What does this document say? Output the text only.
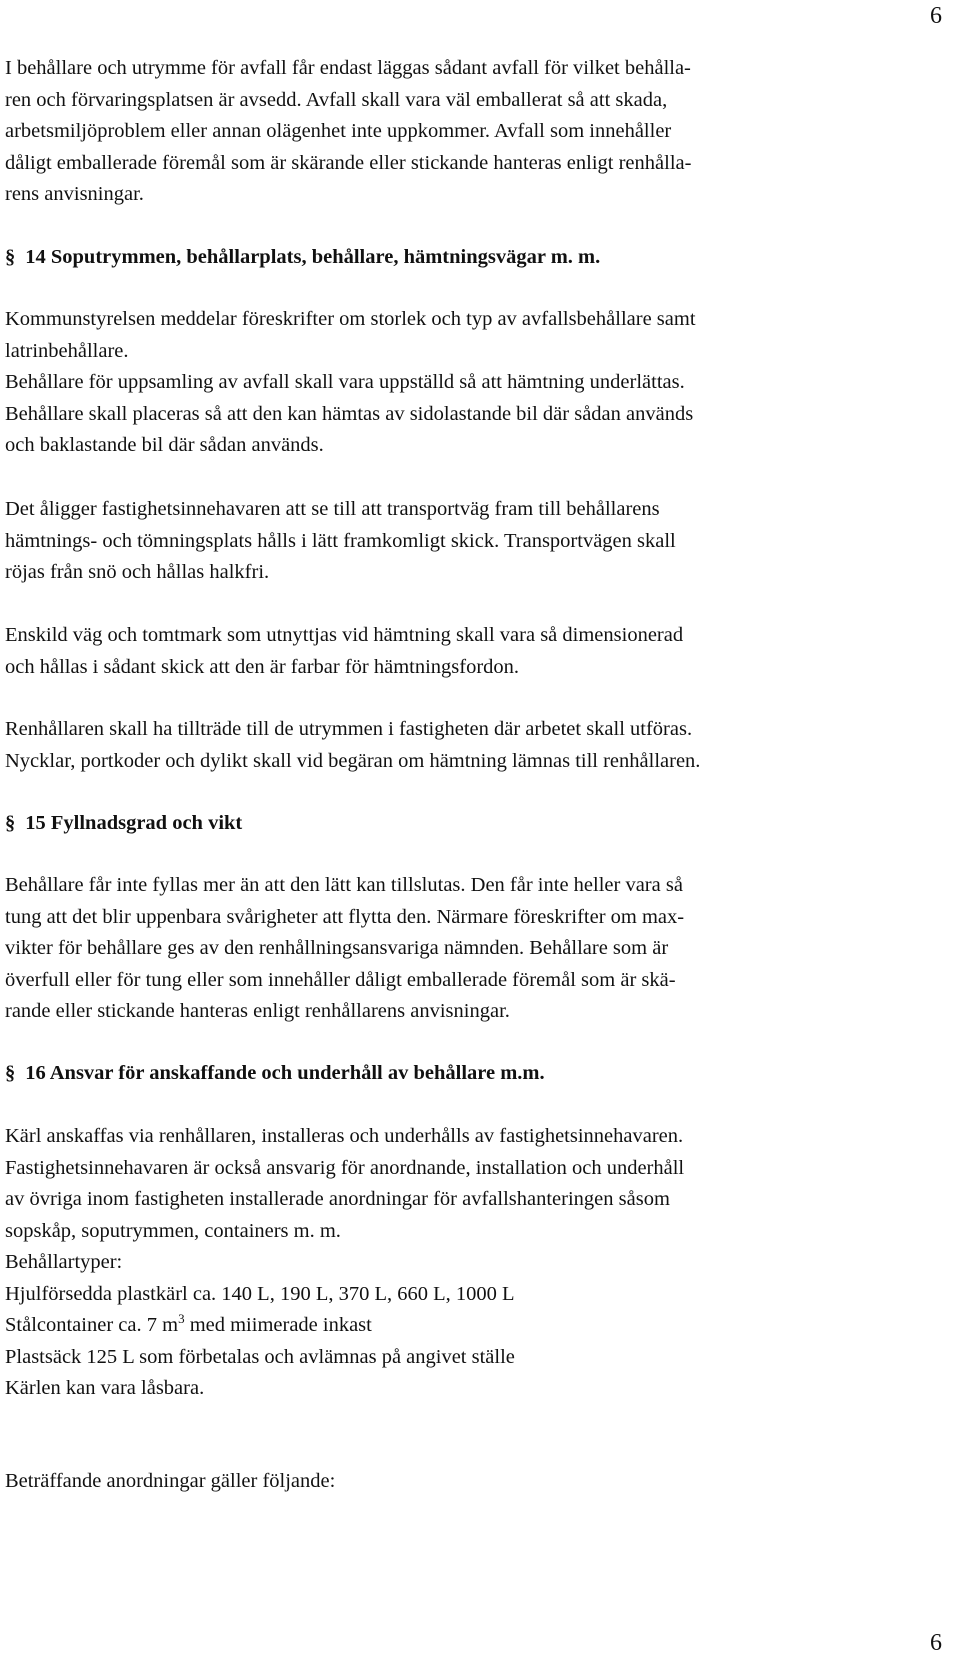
6
I behållare och utrymme för avfall får endast läggas sådant avfall för vilket behålla-
ren och förvaringsplatsen är avsedd. Avfall skall vara väl emballerat så att skada,
arbetsmiljöproblem eller annan olägenhet inte uppkommer. Avfall som innehåller
dåligt emballerade föremål som är skärande eller stickande hanteras enligt renhålla-
rens anvisningar.
§ 14 Soputrymmen, behållarplats, behållare, hämtningsvägar m. m.
Kommunstyrelsen meddelar föreskrifter om storlek och typ av avfallsbehållare samt
latrinbehållare.
Behållare för uppsamling av avfall skall vara uppställd så att hämtning underlättas.
Behållare skall placeras så att den kan hämtas av sidolastande bil där sådan används
och baklastande bil där sådan används.
Det åligger fastighetsinnehavaren att se till att transportväg fram till behållarens
hämtnings- och tömningsplats hålls i lätt framkomligt skick. Transportvägen skall
röjas från snö och hållas halkfri.
Enskild väg och tomtmark som utnyttjas vid hämtning skall vara så dimensionerad
och hållas i sådant skick att den är farbar för hämtningsfordon.
Renhållaren skall ha tillträde till de utrymmen i fastigheten där arbetet skall utföras.
Nycklar, portkoder och dylikt skall vid begäran om hämtning lämnas till renhållaren.
§ 15 Fyllnadsgrad och vikt
Behållare får inte fyllas mer än att den lätt kan tillslutas. Den får inte heller vara så
tung att det blir uppenbara svårigheter att flytta den. Närmare föreskrifter om max-
vikter för behållare ges av den renhållningsansvariga nämnden. Behållare som är
överfull eller för tung eller som innehåller dåligt emballerade föremål som är skä-
rande eller stickande hanteras enligt renhållarens anvisningar.
§ 16 Ansvar för anskaffande och underhåll av behållare m.m.
Kärl anskaffas via renhållaren, installeras och underhålls av fastighetsinnehavaren.
Fastighetsinnehavaren är också ansvarig för anordnande, installation och underhåll
av övriga inom fastigheten installerade anordningar för avfallshanteringen såsom
sopskåp, soputrymmen, containers m. m.
Behållartyper:
Hjulförsedda plastkärl ca. 140 L, 190 L, 370 L, 660 L, 1000 L
Stålcontainer ca. 7 $m^3$ med miimerade inkast
Plastsäck 125 L som förbetalas och avlämnas på angivet ställe
Kärlen kan vara låsbara.
Beträffande anordningar gäller följande:
6
